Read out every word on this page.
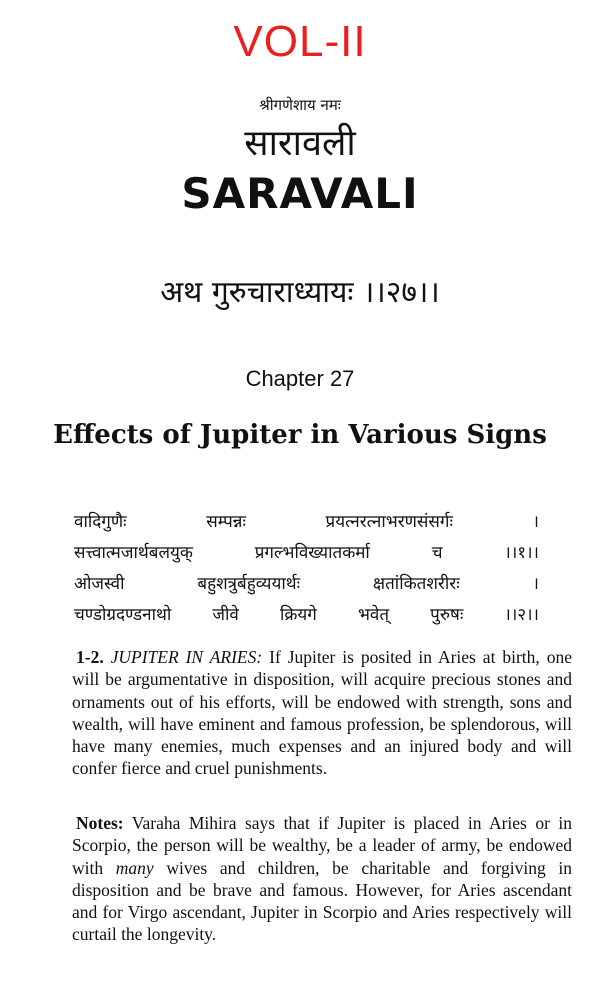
VOL-II
श्रीगणेशाय नमः
सारावली
SARAVALI
अथ गुरुचाराध्यायः ।।२७।।
Chapter 27
Effects of Jupiter in Various Signs
वादिगुणैः सम्पन्नः प्रयत्नरत्नाभरणसंसर्गः ।
सत्त्वात्मजार्थबलयुक् प्रगल्भविख्यातकर्मा च ।।१।।
ओजस्वी बहुशत्रुर्बहुव्ययार्थः क्षतांकितशरीरः ।
चण्डोग्रदण्डनाथो जीवे क्रियगे भवेत् पुरुषः ।।२।।
1-2. JUPITER IN ARIES: If Jupiter is posited in Aries at birth, one will be argumentative in disposition, will acquire precious stones and ornaments out of his efforts, will be endowed with strength, sons and wealth, will have eminent and famous profession, be splendorous, will have many enemies, much expenses and an injured body and will confer fierce and cruel punishments.
Notes: Varaha Mihira says that if Jupiter is placed in Aries or in Scorpio, the person will be wealthy, be a leader of army, be endowed with many wives and children, be charitable and forgiving in disposition and be brave and famous. However, for Aries ascendant and for Virgo ascendant, Jupiter in Scorpio and Aries respectively will curtail the longevity.
